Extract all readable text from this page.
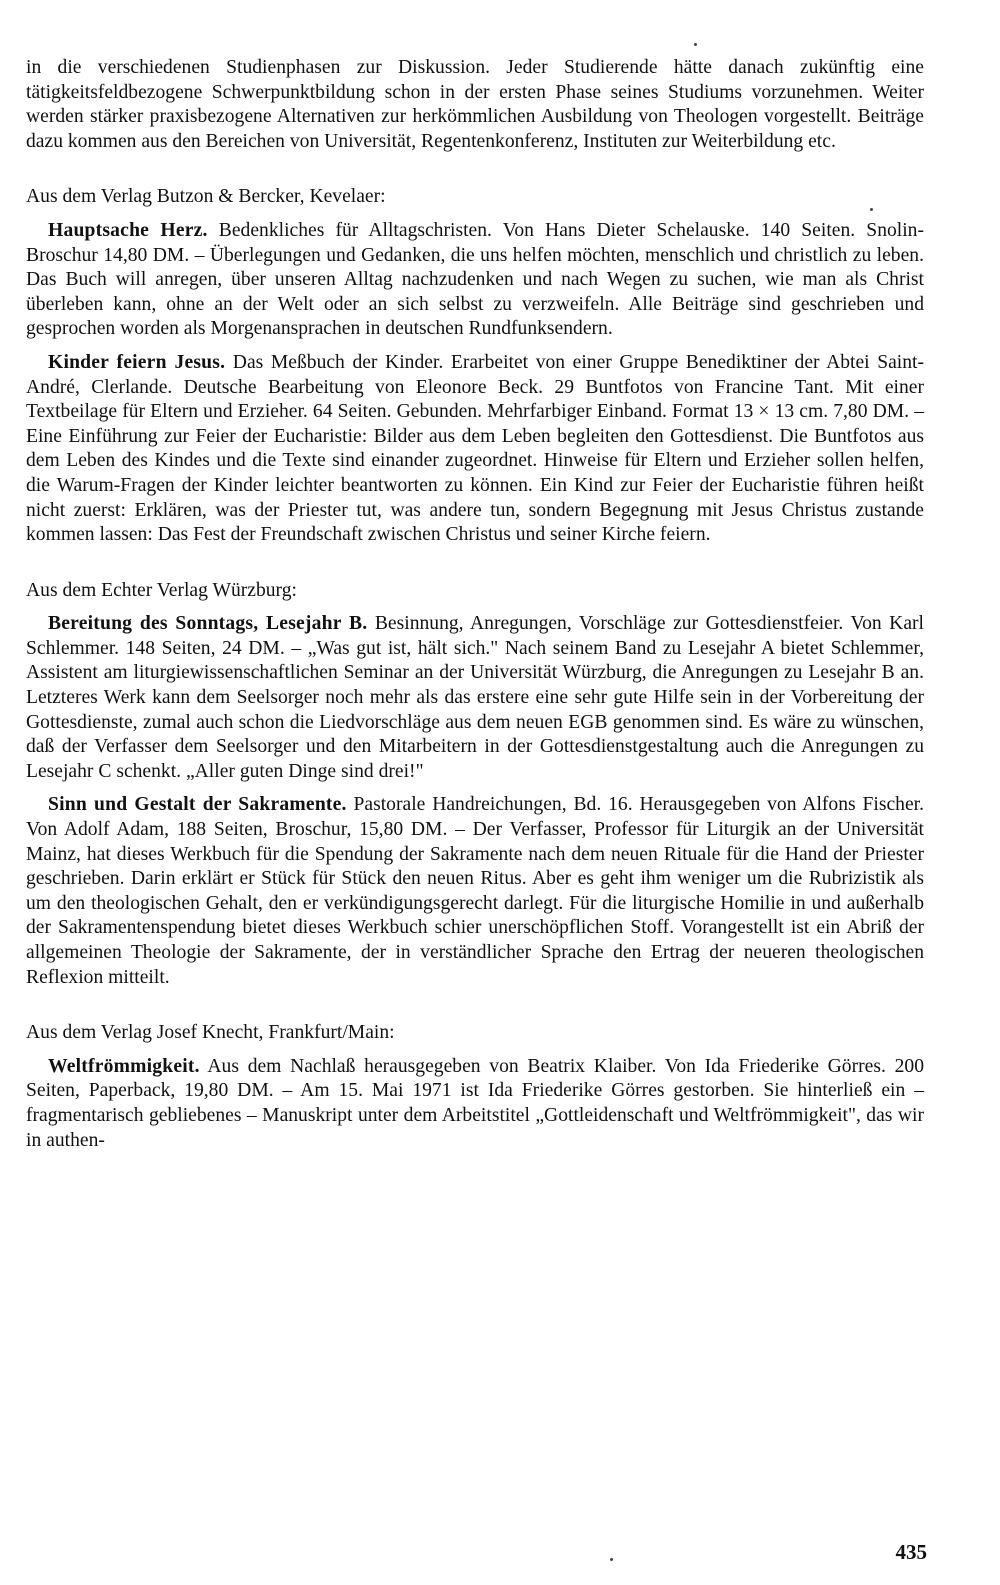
in die verschiedenen Studienphasen zur Diskussion. Jeder Studierende hätte danach zukünftig eine tätigkeitsfeldbezogene Schwerpunktbildung schon in der ersten Phase seines Studiums vorzunehmen. Weiter werden stärker praxisbezogene Alternativen zur herkömmlichen Ausbildung von Theologen vorgestellt. Beiträge dazu kommen aus den Bereichen von Universität, Regentenkonferenz, Instituten zur Weiterbildung etc.

Aus dem Verlag Butzon & Bercker, Kevelaer:

Hauptsache Herz. Bedenkliches für Alltagschristen. Von Hans Dieter Schelauske. 140 Seiten. Snolin-Broschur 14,80 DM. – Überlegungen und Gedanken, die uns helfen möchten, menschlich und christlich zu leben. Das Buch will anregen, über unseren Alltag nachzudenken und nach Wegen zu suchen, wie man als Christ überleben kann, ohne an der Welt oder an sich selbst zu verzweifeln. Alle Beiträge sind geschrieben und gesprochen worden als Morgenansprachen in deutschen Rundfunksendern.

Kinder feiern Jesus. Das Meßbuch der Kinder. Erarbeitet von einer Gruppe Benediktiner der Abtei Saint-André, Clerlande. Deutsche Bearbeitung von Eleonore Beck. 29 Buntfotos von Francine Tant. Mit einer Textbeilage für Eltern und Erzieher. 64 Seiten. Gebunden. Mehrfarbiger Einband. Format 13 × 13 cm. 7,80 DM. – Eine Einführung zur Feier der Eucharistie: Bilder aus dem Leben begleiten den Gottesdienst. Die Buntfotos aus dem Leben des Kindes und die Texte sind einander zugeordnet. Hinweise für Eltern und Erzieher sollen helfen, die Warum-Fragen der Kinder leichter beantworten zu können. Ein Kind zur Feier der Eucharistie führen heißt nicht zuerst: Erklären, was der Priester tut, was andere tun, sondern Begegnung mit Jesus Christus zustande kommen lassen: Das Fest der Freundschaft zwischen Christus und seiner Kirche feiern.

Aus dem Echter Verlag Würzburg:

Bereitung des Sonntags, Lesejahr B. Besinnung, Anregungen, Vorschläge zur Gottesdienstfeier. Von Karl Schlemmer. 148 Seiten, 24 DM. – „Was gut ist, hält sich." Nach seinem Band zu Lesejahr A bietet Schlemmer, Assistent am liturgiewissenschaftlichen Seminar an der Universität Würzburg, die Anregungen zu Lesejahr B an. Letzteres Werk kann dem Seelsorger noch mehr als das erstere eine sehr gute Hilfe sein in der Vorbereitung der Gottesdienste, zumal auch schon die Liedvorschläge aus dem neuen EGB genommen sind. Es wäre zu wünschen, daß der Verfasser dem Seelsorger und den Mitarbeitern in der Gottesdienstgestaltung auch die Anregungen zu Lesejahr C schenkt. „Aller guten Dinge sind drei!"

Sinn und Gestalt der Sakramente. Pastorale Handreichungen, Bd. 16. Herausgegeben von Alfons Fischer. Von Adolf Adam, 188 Seiten, Broschur, 15,80 DM. – Der Verfasser, Professor für Liturgik an der Universität Mainz, hat dieses Werkbuch für die Spendung der Sakramente nach dem neuen Rituale für die Hand der Priester geschrieben. Darin erklärt er Stück für Stück den neuen Ritus. Aber es geht ihm weniger um die Rubrizistik als um den theologischen Gehalt, den er verkündigungsgerecht darlegt. Für die liturgische Homilie in und außerhalb der Sakramentenspendung bietet dieses Werkbuch schier unerschöpflichen Stoff. Vorangestellt ist ein Abriß der allgemeinen Theologie der Sakramente, der in verständlicher Sprache den Ertrag der neueren theologischen Reflexion mitteilt.

Aus dem Verlag Josef Knecht, Frankfurt/Main:

Weltfrömmigkeit. Aus dem Nachlaß herausgegeben von Beatrix Klaiber. Von Ida Friederike Görres. 200 Seiten, Paperback, 19,80 DM. – Am 15. Mai 1971 ist Ida Friederike Görres gestorben. Sie hinterließ ein – fragmentarisch gebliebenes – Manuskript unter dem Arbeitstitel „Gottleidenschaft und Weltfrömmigkeit", das wir in authen-

435
